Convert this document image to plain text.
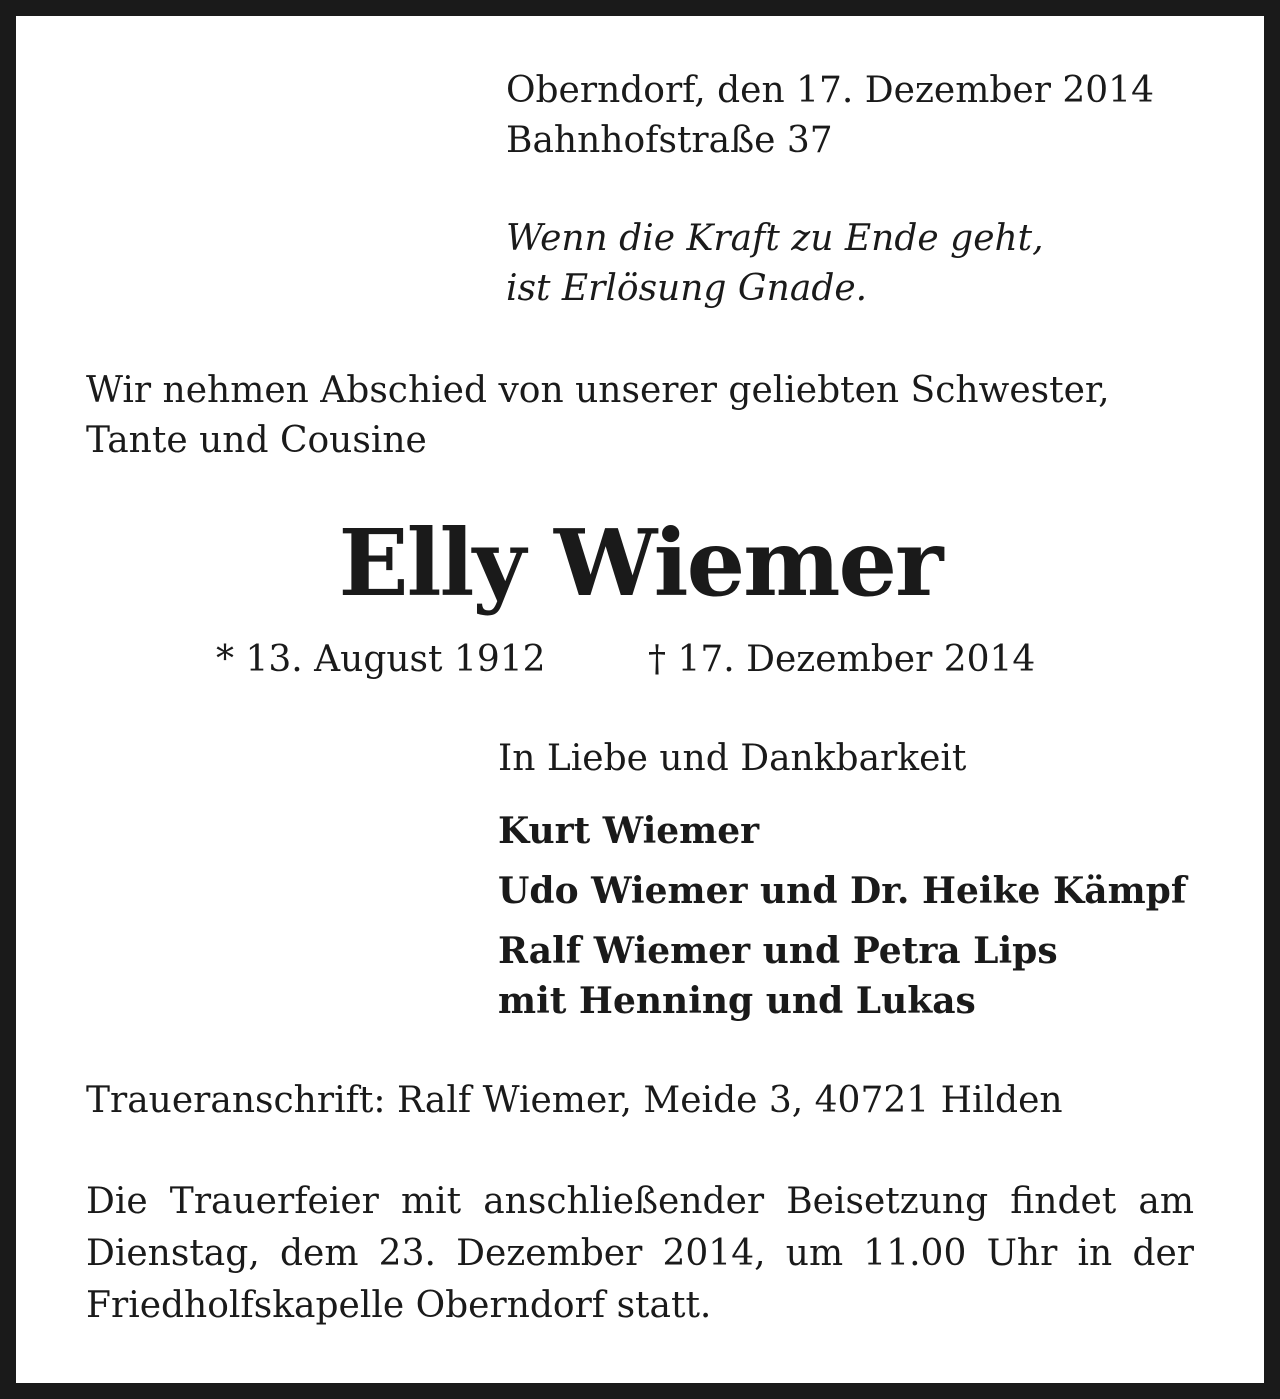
Oberndorf, den 17. Dezember 2014

Bahnhofstraße 37

Wenn die Kraft zu Ende geht,

ist Erlösung Gnade.

Wir nehmen Abschied von unserer geliebten Schwester,

Tante und Cousine

Elly Wiemer

* 13. August 1912	† 17. Dezember 2014

In Liebe und Dankbarkeit

Kurt Wiemer

Udo Wiemer und Dr. Heike Kämpf

Ralf Wiemer und Petra Lips

mit Henning und Lukas

Traueranschrift: Ralf Wiemer, Meide 3, 40721 Hilden

Die Trauerfeier mit anschließender Beisetzung findet am Dienstag, dem 23. Dezember 2014, um 11.00 Uhr in der Friedholfskapelle Oberndorf statt.
